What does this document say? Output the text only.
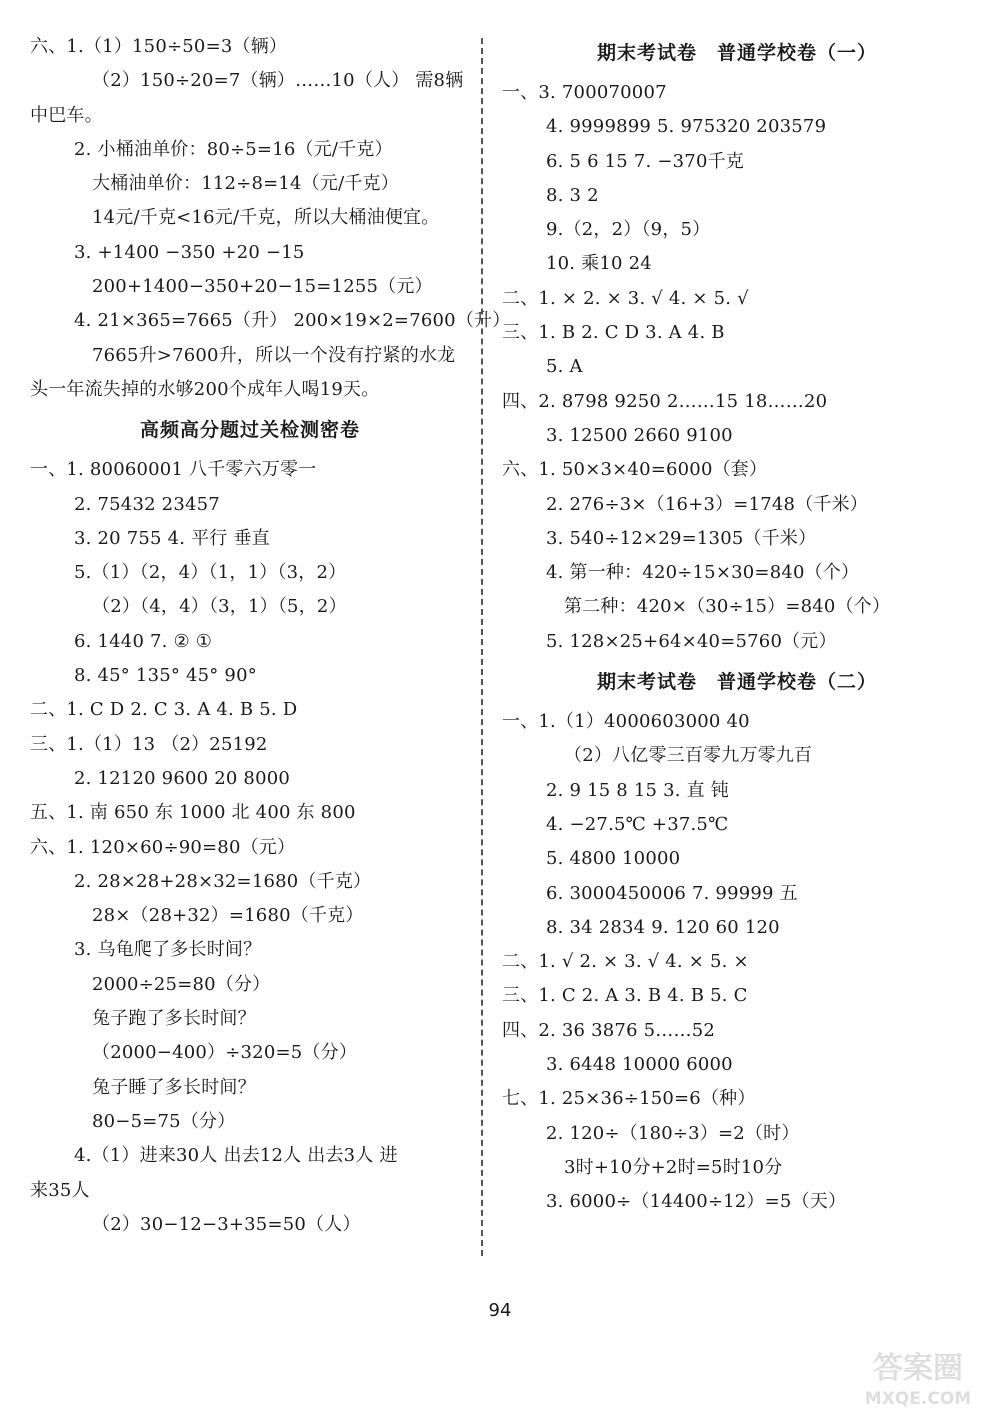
六、1.（1）150÷50=3（辆）
（2）150÷20=7（辆）……10（人） 需8辆
中巴车。
2. 小桶油单价：80÷5=16（元/千克）
大桶油单价：112÷8=14（元/千克）
14元/千克<16元/千克，所以大桶油便宜。
3. +1400 −350 +20 −15
200+1400−350+20−15=1255（元）
4. 21×365=7665（升） 200×19×2=7600（升）
7665升>7600升，所以一个没有拧紧的水龙
头一年流失掉的水够200个成年人喝19天。
高频高分题过关检测密卷
一、1. 80060001 八千零六万零一
2. 75432 23457
3. 20 755 4. 平行 垂直
5.（1）（2，4）（1，1）（3，2）
（2）（4，4）（3，1）（5，2）
6. 1440 7. ② ①
8. 45° 135° 45° 90°
二、1. C D 2. C 3. A 4. B 5. D
三、1.（1）13 （2）25192
2. 12120 9600 20 8000
五、1. 南 650 东 1000 北 400 东 800
六、1. 120×60÷90=80（元）
2. 28×28+28×32=1680（千克）
28×（28+32）=1680（千克）
3. 乌龟爬了多长时间？
2000÷25=80（分）
兔子跑了多长时间？
（2000−400）÷320=5（分）
兔子睡了多长时间？
80−5=75（分）
4.（1）进来30人 出去12人 出去3人 进
来35人
（2）30−12−3+35=50（人）
期末考试卷　普通学校卷（一）
一、3. 700070007
4. 9999899 5. 975320 203579
6. 5 6 15 7. −370千克
8. 3 2
9.（2，2）（9，5）
10. 乘10 24
二、1. × 2. × 3. √ 4. × 5. √
三、1. B 2. C D 3. A 4. B
5. A
四、2. 8798 9250 2……15 18……20
3. 12500 2660 9100
六、1. 50×3×40=6000（套）
2. 276÷3×（16+3）=1748（千米）
3. 540÷12×29=1305（千米）
4. 第一种：420÷15×30=840（个）
第二种：420×（30÷15）=840（个）
5. 128×25+64×40=5760（元）
期末考试卷　普通学校卷（二）
一、1.（1）4000603000 40
（2）八亿零三百零九万零九百
2. 9 15 8 15 3. 直 钝
4. −27.5℃ +37.5℃
5. 4800 10000
6. 3000450006 7. 99999 五
8. 34 2834 9. 120 60 120
二、1. √ 2. × 3. √ 4. × 5. ×
三、1. C 2. A 3. B 4. B 5. C
四、2. 36 3876 5……52
3. 6448 10000 6000
七、1. 25×36÷150=6（种）
2. 120÷（180÷3）=2（时）
3时+10分+2时=5时10分
3. 6000÷（14400÷12）=5（天）
94
答案圈
MXQE.COM
